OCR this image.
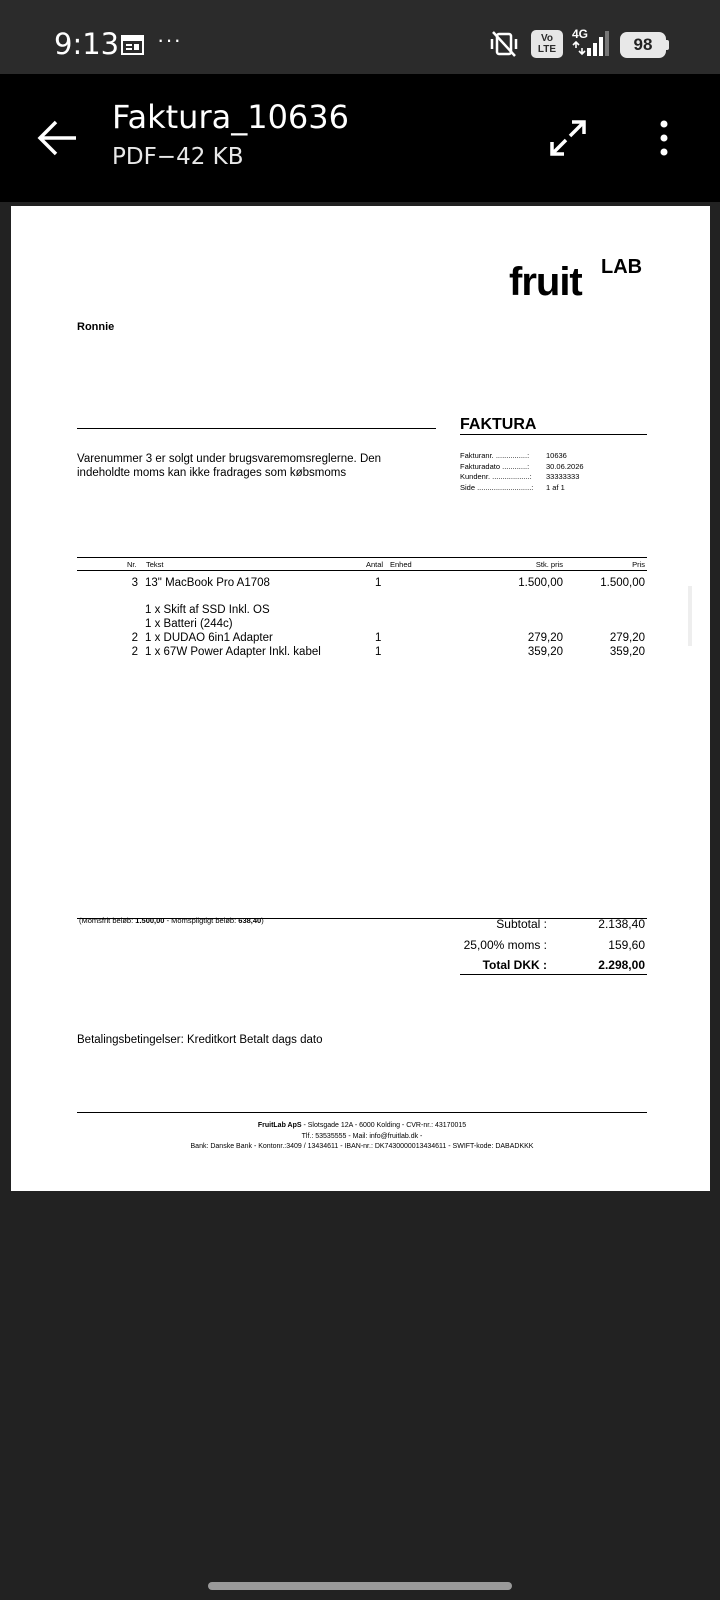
9:13 ···	Vo LTE
4G
98
Faktura_10636
PDF−42 KB
fruit LAB
Ronnie
FAKTURA
Varenummer 3 er solgt under brugsvaremomsreglerne. Den indeholdte moms kan ikke fradrages som købsmoms
Fakturanr. ...............:	10636
Fakturadato ............:	30.06.2026
Kundenr. ..................:	33333333
Side ..........................:	1 af 1
Nr. Tekst	Antal Enhed	Stk. pris	Pris
3 13" MacBook Pro A1708	1	1.500,00	1.500,00
1 x Skift af SSD Inkl. OS
1 x Batteri (244c)
2 1 x DUDAO 6in1 Adapter	1	279,20	279,20
2 1 x 67W Power Adapter Inkl. kabel	1	359,20	359,20
(Momsfrit beløb: 1.500,00 - Momspligtigt beløb: 638,40)	Subtotal :	2.138,40
25,00% moms :	159,60
Total DKK :	2.298,00
Betalingsbetingelser: Kreditkort Betalt dags dato
FruitLab ApS - Slotsgade 12A - 6000 Kolding - CVR-nr.: 43170015
Tlf.: 53535555 - Mail: info@fruitlab.dk -
Bank: Danske Bank - Kontonr.:3409 / 13434611 - IBAN-nr.: DK7430000013434611 - SWIFT-kode: DABADKKK
